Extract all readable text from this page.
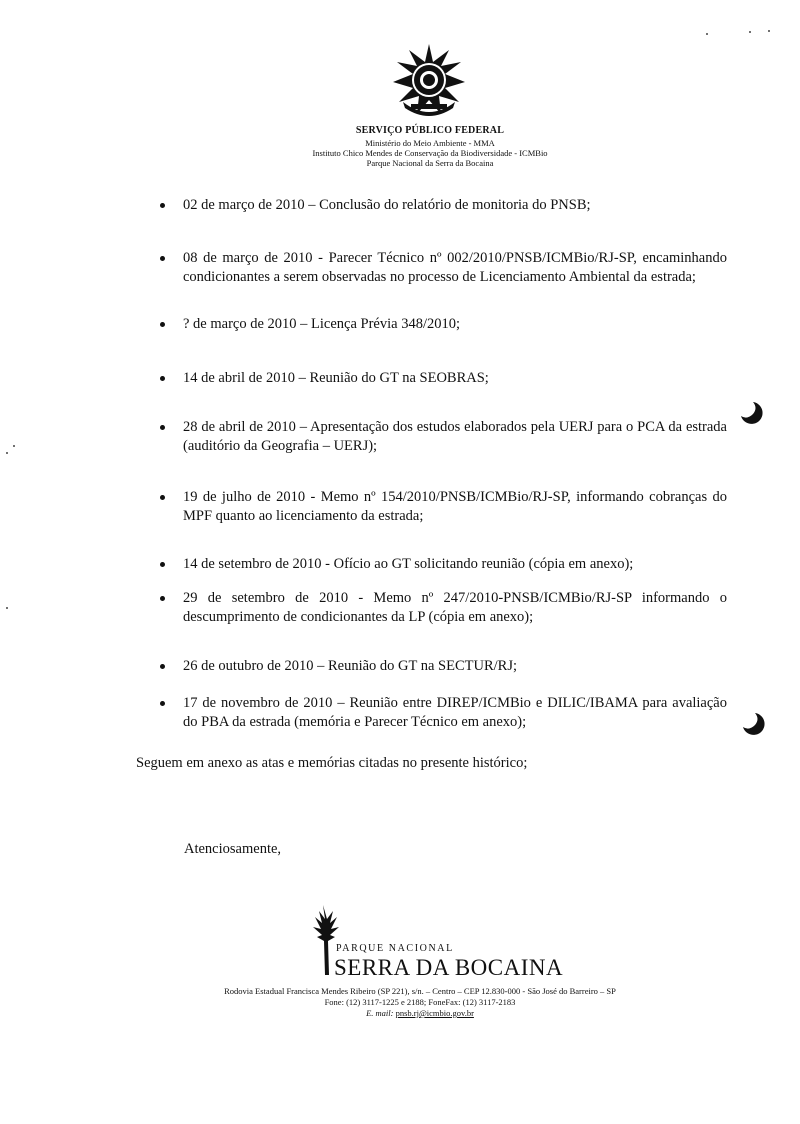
SERVIÇO PÚBLICO FEDERAL
Ministério do Meio Ambiente - MMA
Instituto Chico Mendes de Conservação da Biodiversidade - ICMBio
Parque Nacional da Serra da Bocaina
02 de março de 2010 – Conclusão do relatório de monitoria do PNSB;
08 de março de 2010 - Parecer Técnico nº 002/2010/PNSB/ICMBio/RJ-SP, encaminhando condicionantes a serem observadas no processo de Licenciamento Ambiental da estrada;
? de março de 2010 – Licença Prévia 348/2010;
14 de abril de 2010 – Reunião do GT na SEOBRAS;
28 de abril de 2010 – Apresentação dos estudos elaborados pela UERJ para o PCA da estrada (auditório da Geografia – UERJ);
19 de julho de 2010 - Memo nº 154/2010/PNSB/ICMBio/RJ-SP, informando cobranças do MPF quanto ao licenciamento da estrada;
14 de setembro de 2010 - Ofício ao GT solicitando reunião (cópia em anexo);
29 de setembro de 2010 - Memo nº 247/2010-PNSB/ICMBio/RJ-SP informando o descumprimento de condicionantes da LP (cópia em anexo);
26 de outubro de 2010 – Reunião do GT na SECTUR/RJ;
17 de novembro de 2010 – Reunião entre DIREP/ICMBio e DILIC/IBAMA para avaliação do PBA da estrada (memória e Parecer Técnico em anexo);
Seguem em anexo as atas e memórias citadas no presente histórico;
Atenciosamente,
PARQUE NACIONAL
SERRA DA BOCAINA
Rodovia Estadual Francisca Mendes Ribeiro (SP 221), s/n. – Centro – CEP 12.830-000 - São José do Barreiro – SP
Fone: (12) 3117-1225 e 2188; FoneFax: (12) 3117-2183
E. mail: pnsb.rj@icmbio.gov.br
